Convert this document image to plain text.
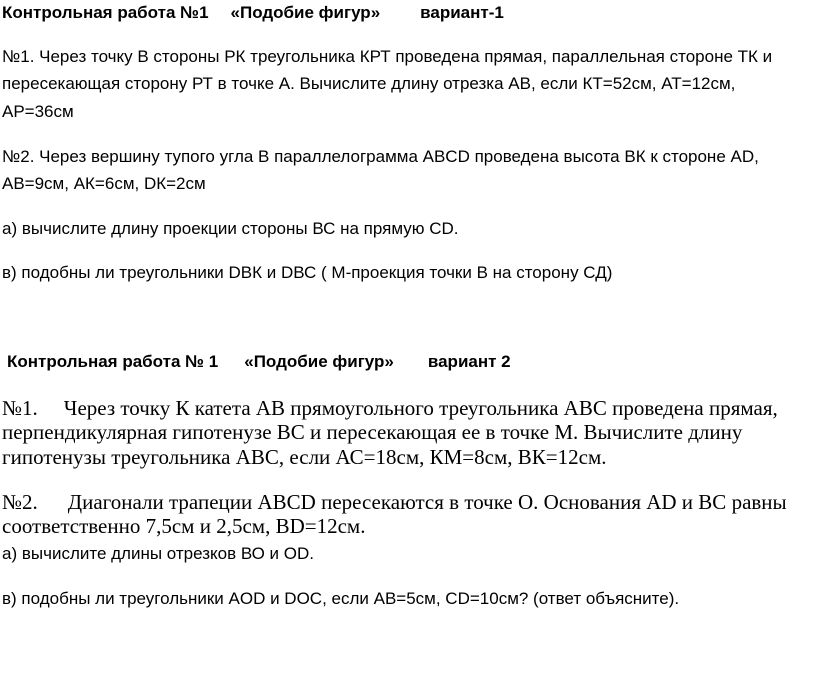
Контрольная работа №1 «Подобие фигур» вариант-1
№1. Через точку В стороны РК треугольника КРТ проведена прямая, параллельная стороне ТК и
пересекающая сторону РТ в точке А. Вычислите длину отрезка АВ, если КТ=52см, АТ=12см,
АР=36см
№2. Через вершину тупого угла В параллелограмма ABCD проведена высота ВК к стороне AD,
АВ=9см, АК=6см, DК=2см
а) вычислите длину проекции стороны ВС на прямую CD.
в) подобны ли треугольники DВК и DВС ( М-проекция точки В на сторону СД)
Контрольная работа № 1 «Подобие фигур» вариант 2
№1. Через точку К катета АВ прямоугольного треугольника АВС проведена прямая,
перпендикулярная гипотенузе ВС и пересекающая ее в точке М. Вычислите длину
гипотенузы треугольника АВС, если АС=18см, КМ=8см, ВК=12см.
№2. Диагонали трапеции ABCD пересекаются в точке О. Основания AD и ВС равны
соответственно 7,5см и 2,5см, BD=12см.
а) вычислите длины отрезков ВО и OD.
в) подобны ли треугольники AOD и DOC, если АВ=5см, CD=10см? (ответ объясните).
